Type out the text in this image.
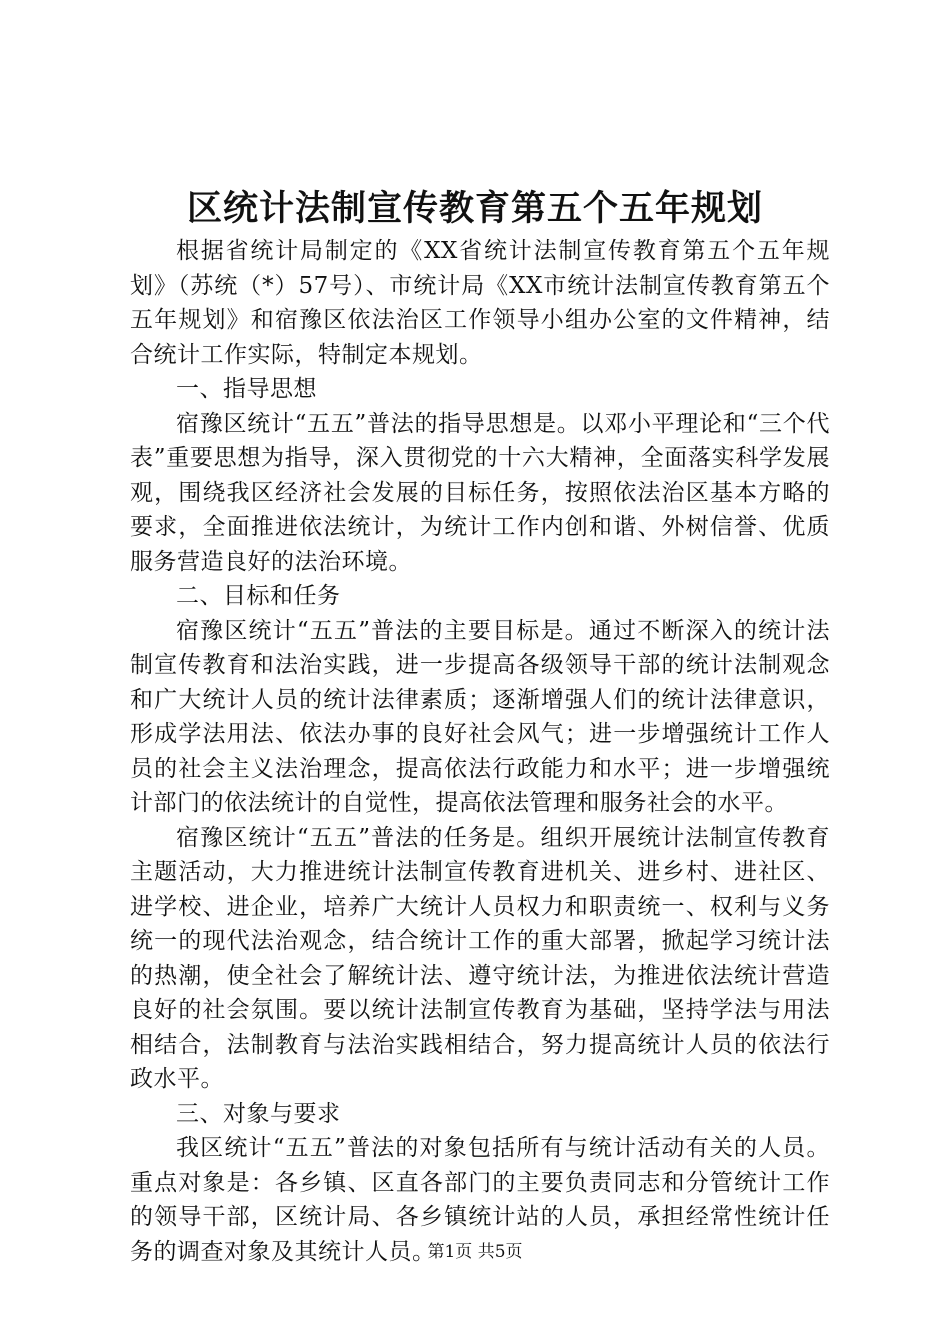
区统计法制宣传教育第五个五年规划

根据省统计局制定的《XX省统计法制宣传教育第五个五年规划》（苏统（*）57号）、市统计局《XX市统计法制宣传教育第五个五年规划》和宿豫区依法治区工作领导小组办公室的文件精神，结合统计工作实际，特制定本规划。

一、指导思想

宿豫区统计“五五”普法的指导思想是。以邓小平理论和“三个代表”重要思想为指导，深入贯彻党的十六大精神，全面落实科学发展观，围绕我区经济社会发展的目标任务，按照依法治区基本方略的要求，全面推进依法统计，为统计工作内创和谐、外树信誉、优质服务营造良好的法治环境。

二、目标和任务

宿豫区统计“五五”普法的主要目标是。通过不断深入的统计法制宣传教育和法治实践，进一步提高各级领导干部的统计法制观念和广大统计人员的统计法律素质；逐渐增强人们的统计法律意识，形成学法用法、依法办事的良好社会风气；进一步增强统计工作人员的社会主义法治理念，提高依法行政能力和水平；进一步增强统计部门的依法统计的自觉性，提高依法管理和服务社会的水平。

宿豫区统计“五五”普法的任务是。组织开展统计法制宣传教育主题活动，大力推进统计法制宣传教育进机关、进乡村、进社区、进学校、进企业，培养广大统计人员权力和职责统一、权利与义务统一的现代法治观念，结合统计工作的重大部署，掀起学习统计法的热潮，使全社会了解统计法、遵守统计法，为推进依法统计营造良好的社会氛围。要以统计法制宣传教育为基础，坚持学法与用法相结合，法制教育与法治实践相结合，努力提高统计人员的依法行政水平。

三、对象与要求

我区统计“五五”普法的对象包括所有与统计活动有关的人员。重点对象是：各乡镇、区直各部门的主要负责同志和分管统计工作的领导干部，区统计局、各乡镇统计站的人员，承担经常性统计任务的调查对象及其统计人员。

第1页 共5页
